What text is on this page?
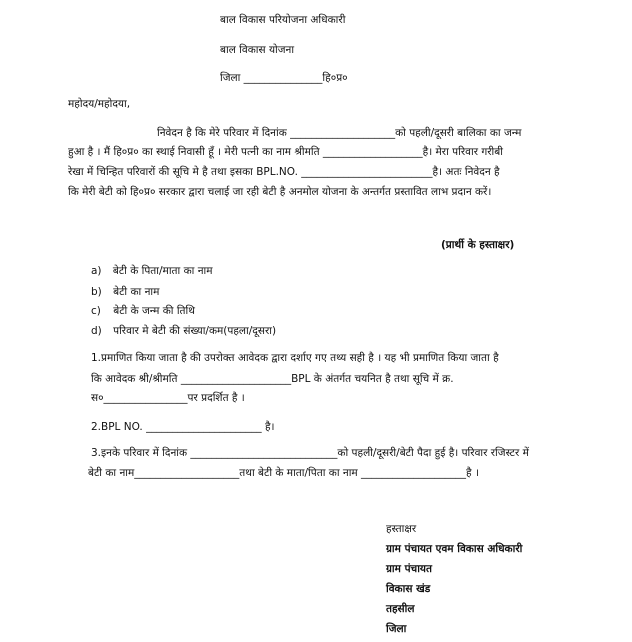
बाल विकास परियोजना अधिकारी
बाल विकास योजना
जिला _______________हि०प्र०
महोदय/महोदया,
निवेदन है कि मेरे परिवार में दिनांक ____________________को पहली/दूसरी बालिका का जन्म
हुआ है । मैं हि०प्र० का स्थाई निवासी हूँ । मेरी पत्नी का नाम श्रीमति ___________________है। मेरा परिवार गरीबी
रेखा में चिन्हित परिवारों की सूचि मे है तथा इसका BPL.NO. _________________________है। अतः निवेदन है
कि मेरी बेटी को हि०प्र० सरकार द्वारा चलाई जा रही बेटी है अनमोल योजना के अन्तर्गत प्रस्तावित लाभ प्रदान करें।
(प्रार्थी के हस्ताक्षर)
a) बेटी के पिता/माता का नाम
b) बेटी का नाम
c) बेटी के जन्म की तिथि
d) परिवार मे बेटी की संख्या/कम(पहला/दूसरा)
1.प्रमाणित किया जाता है की उपरोक्त आवेदक द्वारा दर्शाए गए तथ्य सही है । यह भी प्रमाणित किया जाता है
कि आवेदक श्री/श्रीमति _____________________BPL के अंतर्गत चयनित है तथा सूचि में क्र.
स०________________पर प्रदर्शित है ।
2.BPL NO. ______________________ है।
3.इनके परिवार में दिनांक ____________________________को पहली/दूसरी/बेटी पैदा हुई है। परिवार रजिस्टर में
बेटी का नाम____________________तथा बेटी के माता/पिता का नाम ____________________है ।
हस्ताक्षर
ग्राम पंचायत एवम विकास अधिकारी
ग्राम पंचायत
विकास खंड
तहसील
जिला
